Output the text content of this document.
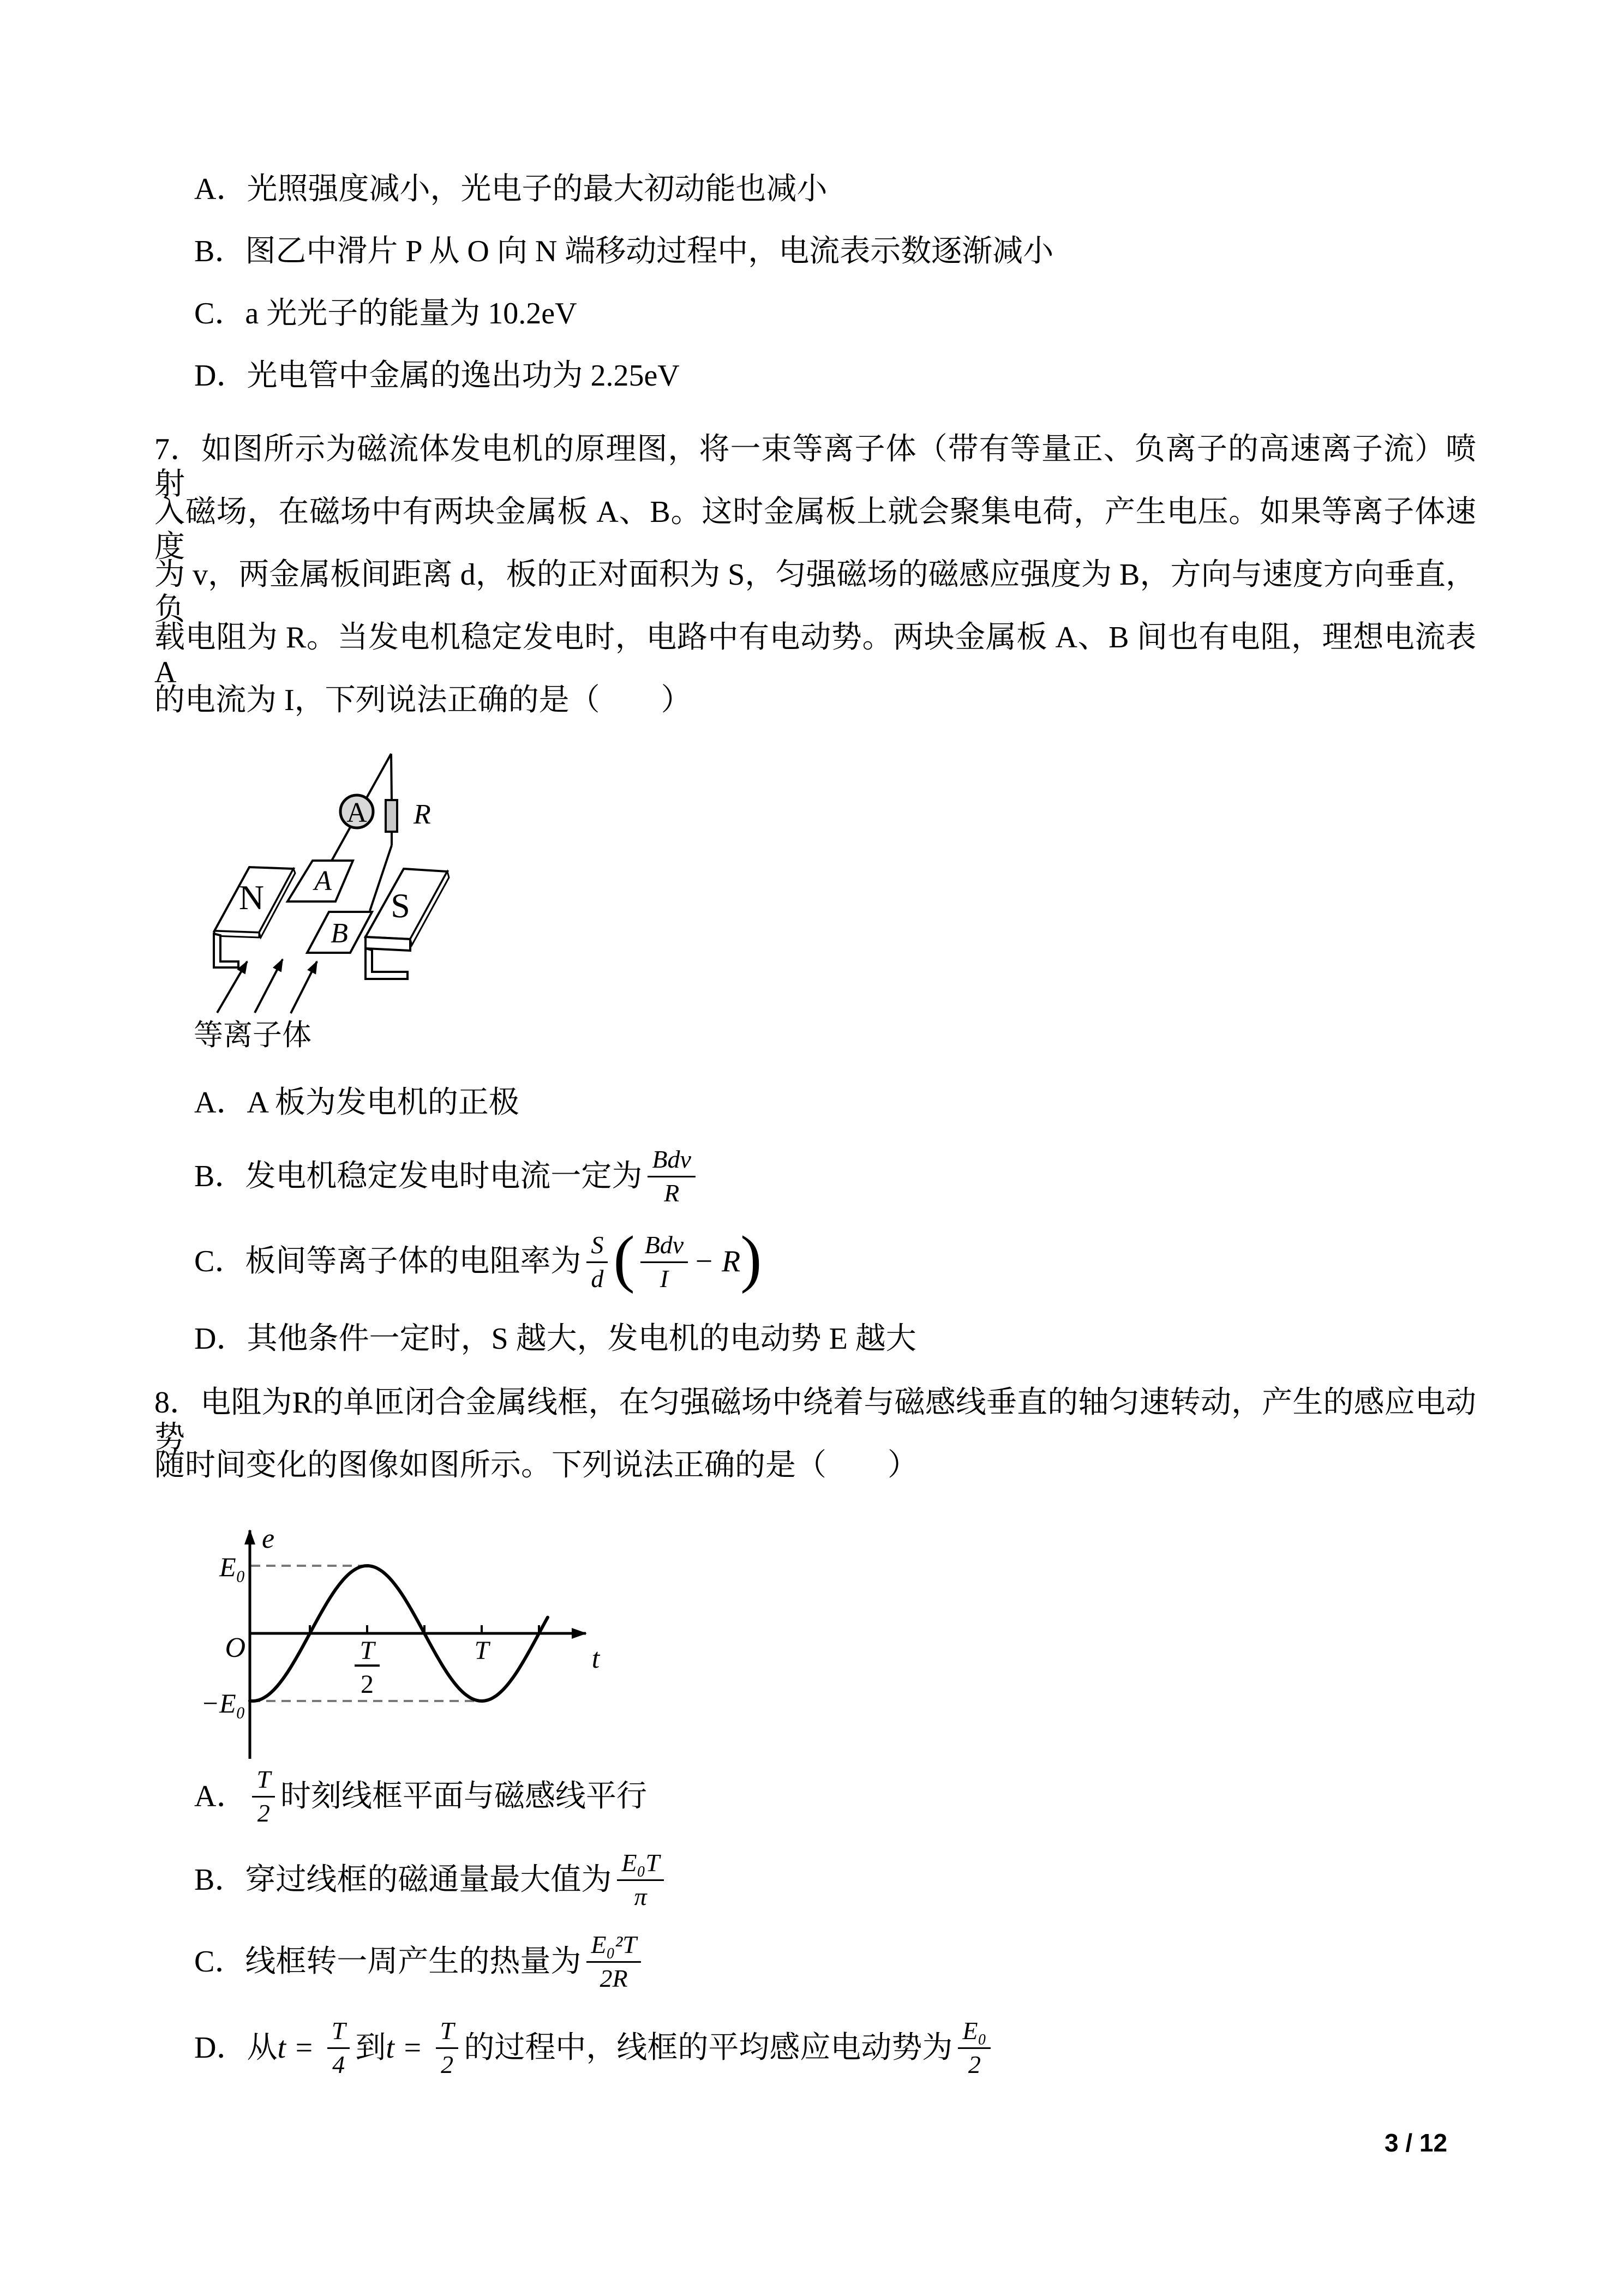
A． 光照强度减小，光电子的最大初动能也减小
B． 图乙中滑片 P 从 O 向 N 端移动过程中，电流表示数逐渐减小
C． a 光光子的能量为 10.2eV
D． 光电管中金属的逸出功为 2.25eV
7．如图所示为磁流体发电机的原理图，将一束等离子体（带有等量正、负离子的高速离子流）喷射
入磁场，在磁场中有两块金属板 A、B。这时金属板上就会聚集电荷，产生电压。如果等离子体速度
为 v，两金属板间距离 d，板的正对面积为 S，匀强磁场的磁感应强度为 B，方向与速度方向垂直，负
载电阻为 R。当发电机稳定发电时，电路中有电动势。两块金属板 A、B 间也有电阻，理想电流表 A
的电流为 I，下列说法正确的是（　　）
R
A
N	S
A
B
等离子体
A． A 板为发电机的正极
B． 发电机稳定发电时电流一定为 $\frac{\text{Bdv}}{R}$
C． 板间等离子体的电阻率为 $\frac{S}{d}$ ( $\frac{\text{Bdv}}{I} - R$ )
D． 其他条件一定时，S 越大，发电机的电动势 E 越大
8．电阻为R的单匝闭合金属线框，在匀强磁场中绕着与磁感线垂直的轴匀速转动，产生的感应电动势
随时间变化的图像如图所示。下列说法正确的是（　　）
e
t
O
E₀
−E₀
T
2
T
A． $\frac{T}{2}$ 时刻线框平面与磁感线平行
B． 穿过线框的磁通量最大值为 $\frac{\text{E₀T}}{\pi}$
C． 线框转一周产生的热量为 $\frac{\text{E₀²T}}{2R}$
D． 从 $t = \frac{T}{4}$ 到 $t = \frac{T}{2}$ 的过程中，线框的平均感应电动势为 $\frac{\text{E₀}}{2}$
3 / 12
